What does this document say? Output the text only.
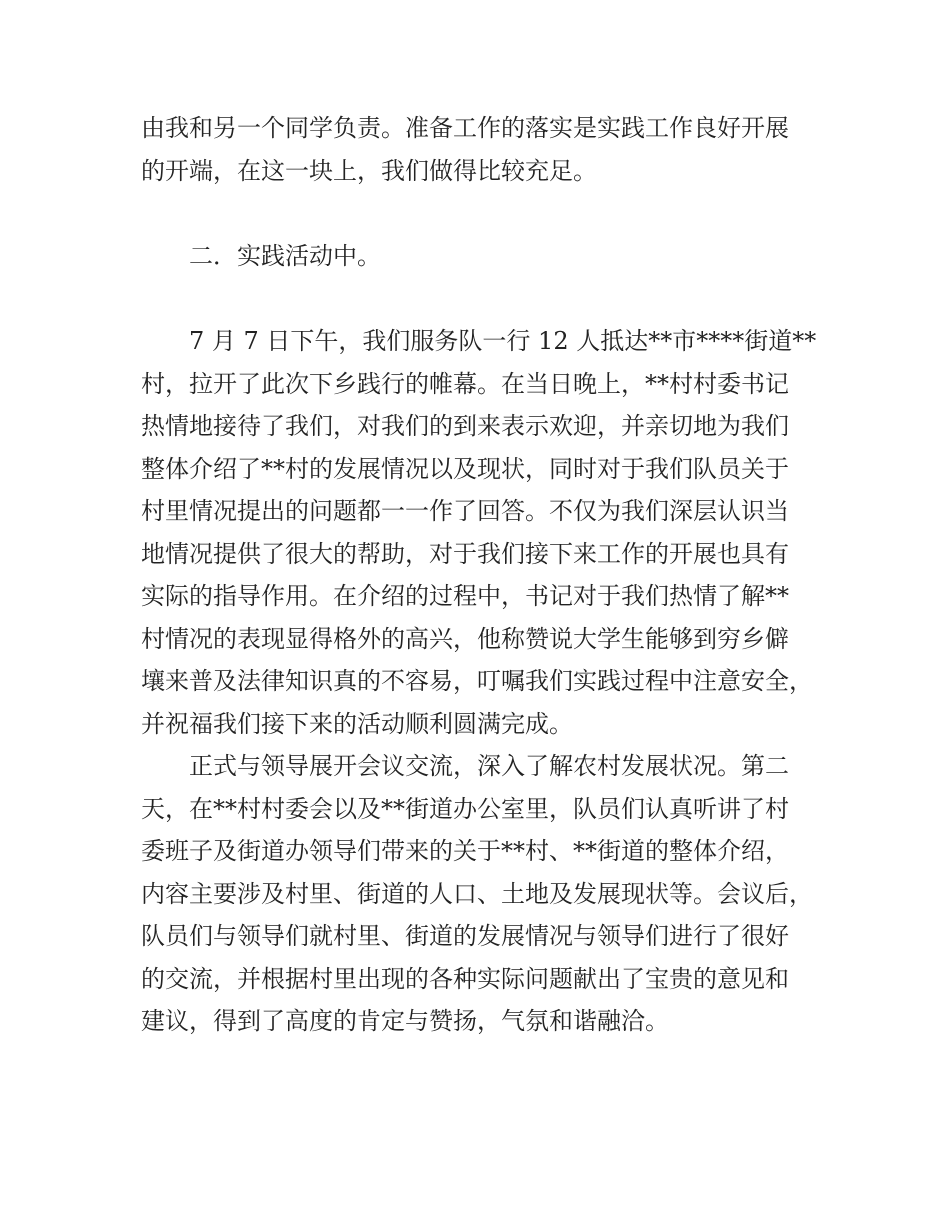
由我和另一个同学负责。准备工作的落实是实践工作良好开展
的开端，在这一块上，我们做得比较充足。
二．实践活动中。
7 月 7 日下午，我们服务队一行 12 人抵达**市****街道**
村，拉开了此次下乡践行的帷幕。在当日晚上，**村村委书记
热情地接待了我们，对我们的到来表示欢迎，并亲切地为我们
整体介绍了**村的发展情况以及现状，同时对于我们队员关于
村里情况提出的问题都一一作了回答。不仅为我们深层认识当
地情况提供了很大的帮助，对于我们接下来工作的开展也具有
实际的指导作用。在介绍的过程中，书记对于我们热情了解**
村情况的表现显得格外的高兴，他称赞说大学生能够到穷乡僻
壤来普及法律知识真的不容易，叮嘱我们实践过程中注意安全，
并祝福我们接下来的活动顺利圆满完成。
正式与领导展开会议交流，深入了解农村发展状况。第二
天，在**村村委会以及**街道办公室里，队员们认真听讲了村
委班子及街道办领导们带来的关于**村、**街道的整体介绍，
内容主要涉及村里、街道的人口、土地及发展现状等。会议后，
队员们与领导们就村里、街道的发展情况与领导们进行了很好
的交流，并根据村里出现的各种实际问题献出了宝贵的意见和
建议，得到了高度的肯定与赞扬，气氛和谐融洽。
